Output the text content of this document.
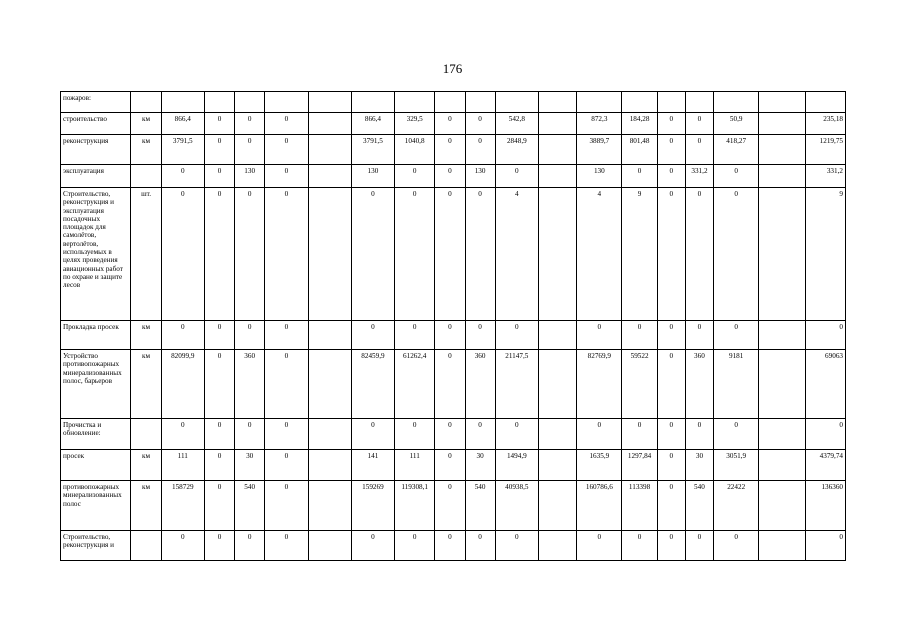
176
пожаров:																			
строительство	км	866,4	0	0	0		866,4	329,5	0	0	542,8		872,3	184,28	0	0	50,9		235,18
реконструкция	км	3791,5	0	0	0		3791,5	1040,8	0	0	2848,9		3889,7	801,48	0	0	418,27		1219,75
эксплуатация		0	0	130	0		130	0	0	130	0		130	0	0	331,2	0		331,2
Строительство, реконструкция и эксплуатация посадочных площадок для самолётов, вертолётов, используемых в целях проведения авиационных работ по охране и защите лесов	шт.	0	0	0	0		0	0	0	0	4		4	9	0	0	0		9
Прокладка просек	км	0	0	0	0		0	0	0	0	0		0	0	0	0	0		0
Устройство противопожарных минерализованных полос, барьеров	км	82099,9	0	360	0		82459,9	61262,4	0	360	21147,5		82769,9	59522	0	360	9181		69063
Прочистка и обновление:		0	0	0	0		0	0	0	0	0		0	0	0	0	0		0
просек	км	111	0	30	0		141	111	0	30	1494,9		1635,9	1297,84	0	30	3051,9		4379,74
противопожарных минерализованных полос	км	158729	0	540	0		159269	119308,1	0	540	40938,5		160786,6	113398	0	540	22422		136360
Строительство, реконструкция и		0	0	0	0		0	0	0	0	0		0	0	0	0	0		0
